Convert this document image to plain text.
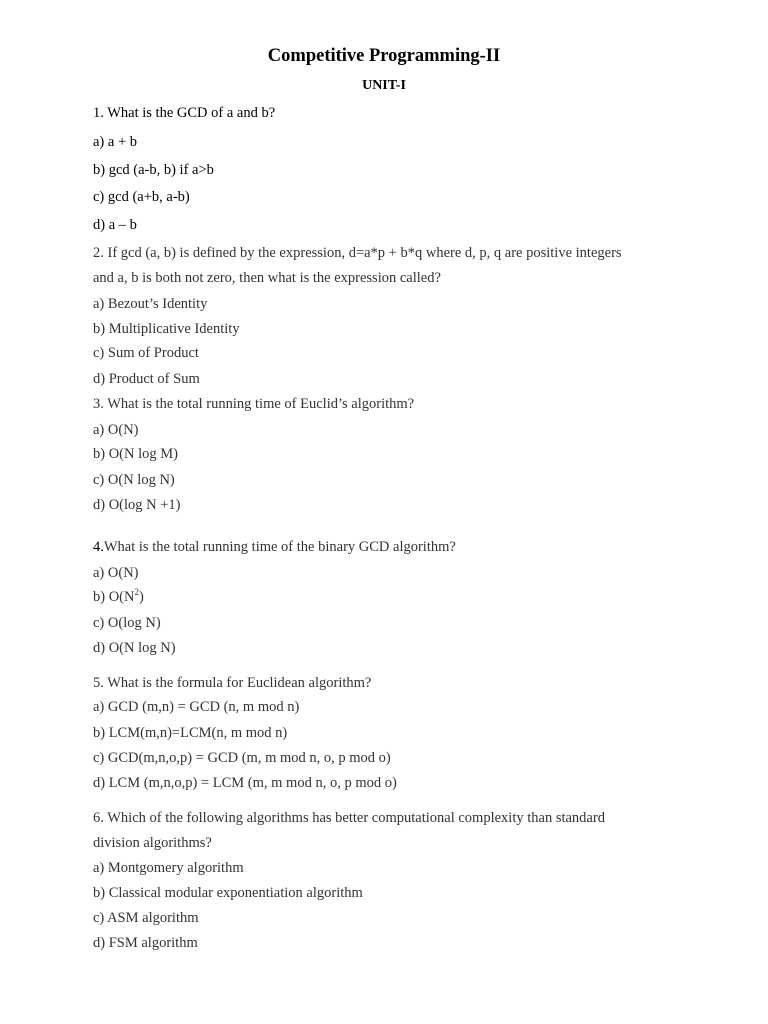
Competitive Programming-II
UNIT-I
1. What is the GCD of a and b?
a) a + b
b) gcd (a-b, b) if a>b
c) gcd (a+b, a-b)
d) a – b
2. If gcd (a, b) is defined by the expression, d=a*p + b*q where d, p, q are positive integers
and a, b is both not zero, then what is the expression called?
a) Bezout’s Identity
b) Multiplicative Identity
c) Sum of Product
d) Product of Sum
3. What is the total running time of Euclid’s algorithm?
a) O(N)
b) O(N log M)
c) O(N log N)
d) O(log N +1)
4.What is the total running time of the binary GCD algorithm?
a) O(N)
b) $O(N^2)$
c) O(log N)
d) O(N log N)
5. What is the formula for Euclidean algorithm?
a) GCD (m,n) = GCD (n, m mod n)
b) LCM(m,n)=LCM(n, m mod n)
c) GCD(m,n,o,p) = GCD (m, m mod n, o, p mod o)
d) LCM (m,n,o,p) = LCM (m, m mod n, o, p mod o)
6. Which of the following algorithms has better computational complexity than standard
division algorithms?
a) Montgomery algorithm
b) Classical modular exponentiation algorithm
c) ASM algorithm
d) FSM algorithm
